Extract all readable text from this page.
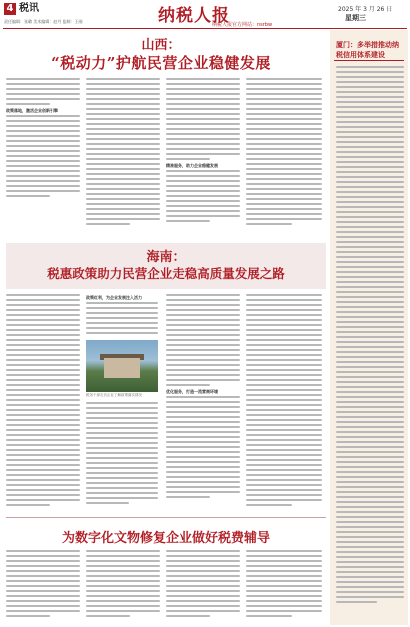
4 税讯	纳税人报
纳税人报官方网站：nsrbw
2025 年 3 月 26 日
星期三
责任编辑：张璐 美术编辑：赵丹 监制：王刚
山西：
“税动力”护航民营企业稳健发展
政策落地，激活企业创新引擎
精准服务，助力企业稳健发展
海南：
税惠政策助力民营企业走稳高质量发展之路
政策红利，为企业发展注入活力
税务干部走访企业了解政策落实情况
优化服务，打造一流营商环境
为数字化文物修复企业做好税费辅导
厦门：多举措推动纳税信用体系建设
